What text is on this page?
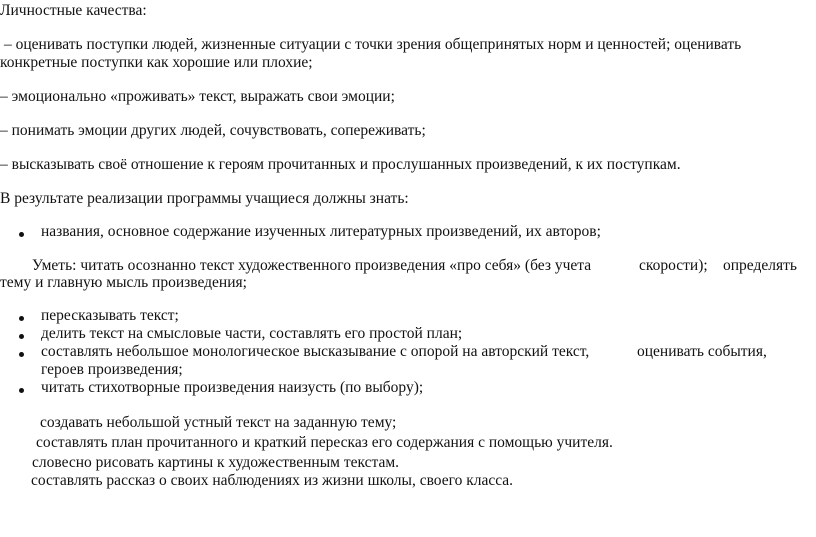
Личностные качества:
– оценивать поступки людей, жизненные ситуации с точки зрения общепринятых норм и ценностей; оценивать
конкретные поступки как хорошие или плохие;
– эмоционально «проживать» текст, выражать свои эмоции;
– понимать эмоции других людей, сочувствовать, сопереживать;
– высказывать своё отношение к героям прочитанных и прослушанных произведений, к их поступкам.
В результате реализации программы учащиеся должны знать:
названия, основное содержание изученных литературных произведений, их авторов;
Уметь: читать осознанно текст художественного произведения «про себя» (без учета	скорости); определять
тему и главную мысль произведения;
пересказывать текст;
делить текст на смысловые части, составлять его простой план;
составлять небольшое монологическое высказывание с опорой на авторский текст,	оценивать события,
героев произведения;
читать стихотворные произведения наизусть (по выбору);
создавать небольшой устный текст на заданную тему;
составлять план прочитанного и краткий пересказ его содержания с помощью учителя.
словесно рисовать картины к художественным текстам.
составлять рассказ о своих наблюдениях из жизни школы, своего класса.
